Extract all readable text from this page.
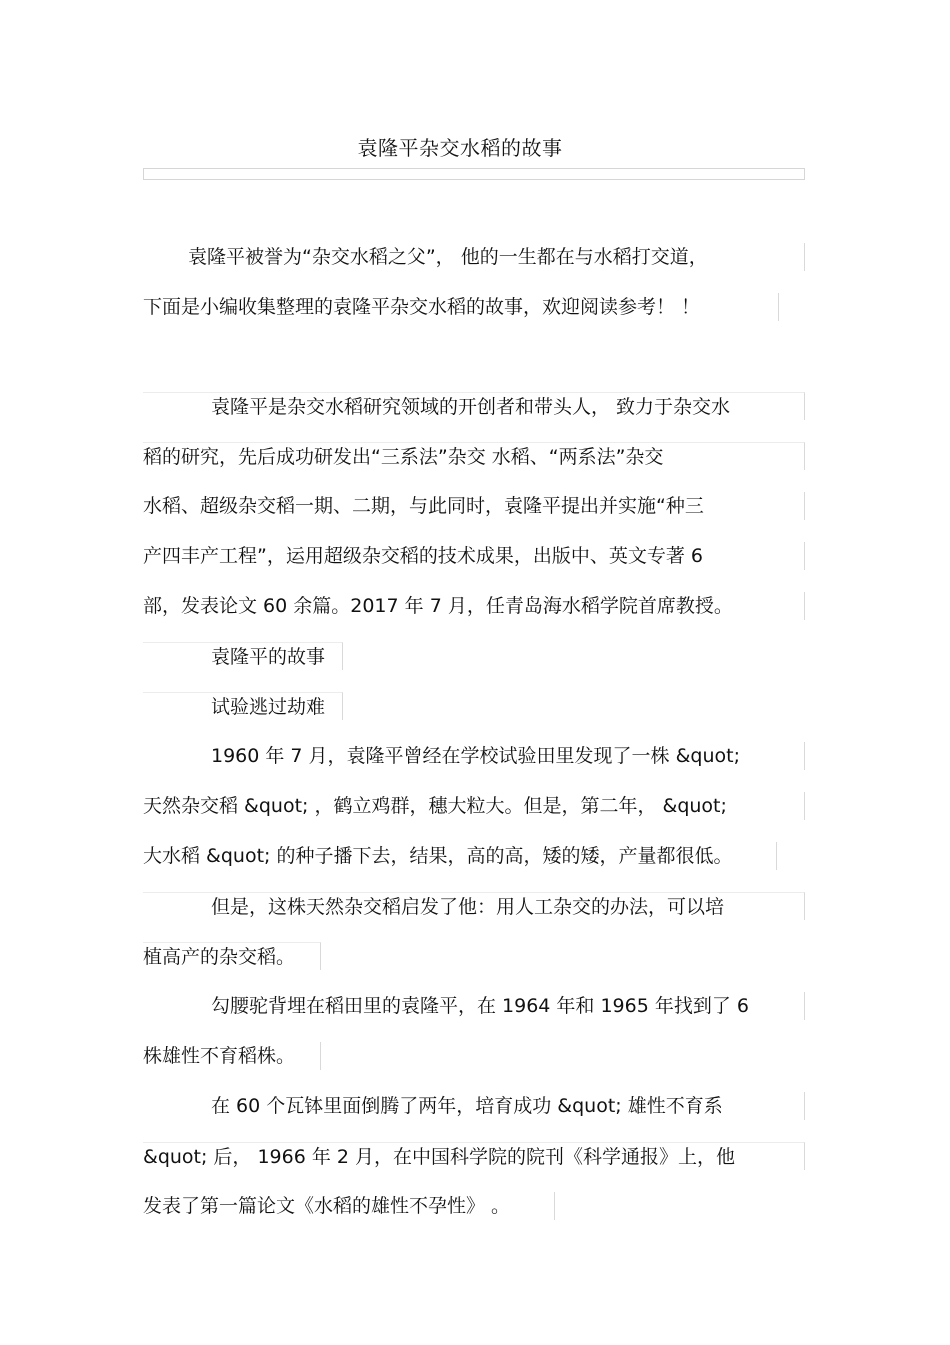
袁隆平杂交水稻的故事
袁隆平被誉为“杂交水稻之父”， 他的一生都在与水稻打交道，
下面是小编收集整理的袁隆平杂交水稻的故事，欢迎阅读参考！ ！
袁隆平是杂交水稻研究领域的开创者和带头人， 致力于杂交水
稻的研究，先后成功研发出“三系法”杂交 水稻、“两系法”杂交
水稻、超级杂交稻一期、二期，与此同时，袁隆平提出并实施“种三
产四丰产工程”，运用超级杂交稻的技术成果，出版中、英文专著 6
部，发表论文 60 余篇。2017 年 7 月，任青岛海水稻学院首席教授。
袁隆平的故事
试验逃过劫难
1960 年 7 月，袁隆平曾经在学校试验田里发现了一株 &quot;
天然杂交稻 &quot; ，鹤立鸡群，穗大粒大。但是，第二年， &quot;
大水稻 &quot; 的种子播下去，结果，高的高，矮的矮，产量都很低。
但是，这株天然杂交稻启发了他：用人工杂交的办法，可以培
植高产的杂交稻。
勾腰驼背埋在稻田里的袁隆平，在 1964 年和 1965 年找到了 6
株雄性不育稻株。
在 60 个瓦钵里面倒腾了两年，培育成功 &quot; 雄性不育系
&quot; 后， 1966 年 2 月，在中国科学院的院刊《科学通报》上，他
发表了第一篇论文《水稻的雄性不孕性》 。
